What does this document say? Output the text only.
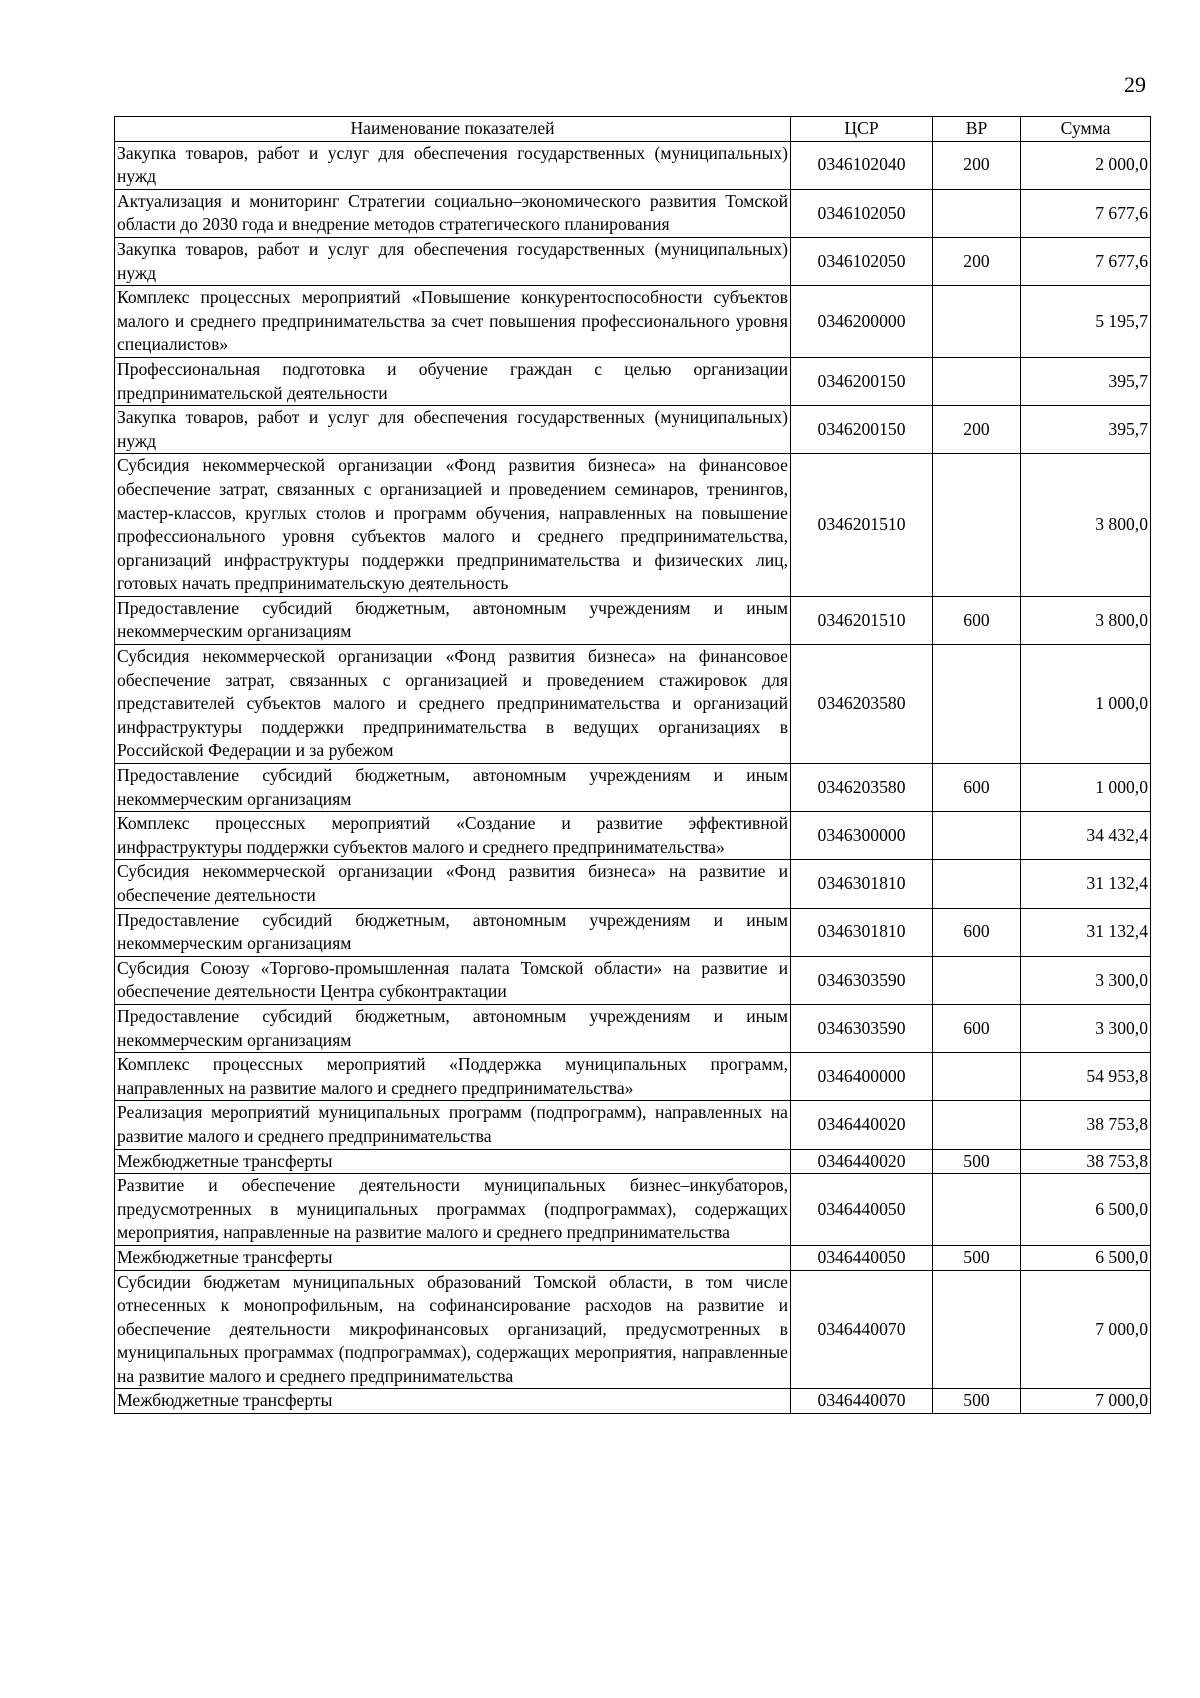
29
Наименование показателей	ЦСР	ВР	Сумма
Закупка товаров, работ и услуг для обеспечения государственных (муниципальных) нужд	0346102040	200	2 000,0
Актуализация и мониторинг Стратегии социально–экономического развития Томской области до 2030 года и внедрение методов стратегического планирования	0346102050		7 677,6
Закупка товаров, работ и услуг для обеспечения государственных (муниципальных) нужд	0346102050	200	7 677,6
Комплекс процессных мероприятий «Повышение конкурентоспособности субъектов малого и среднего предпринимательства за счет повышения профессионального уровня специалистов»	0346200000		5 195,7
Профессиональная подготовка и обучение граждан с целью организации предпринимательской деятельности	0346200150		395,7
Закупка товаров, работ и услуг для обеспечения государственных (муниципальных) нужд	0346200150	200	395,7
Субсидия некоммерческой организации «Фонд развития бизнеса» на финансовое обеспечение затрат, связанных с организацией и проведением семинаров, тренингов, мастер-классов, круглых столов и программ обучения, направленных на повышение профессионального уровня субъектов малого и среднего предпринимательства, организаций инфраструктуры поддержки предпринимательства и физических лиц, готовых начать предпринимательскую деятельность	0346201510		3 800,0
Предоставление субсидий бюджетным, автономным учреждениям и иным некоммерческим организациям	0346201510	600	3 800,0
Субсидия некоммерческой организации «Фонд развития бизнеса» на финансовое обеспечение затрат, связанных с организацией и проведением стажировок для представителей субъектов малого и среднего предпринимательства и организаций инфраструктуры поддержки предпринимательства в ведущих организациях в Российской Федерации и за рубежом	0346203580		1 000,0
Предоставление субсидий бюджетным, автономным учреждениям и иным некоммерческим организациям	0346203580	600	1 000,0
Комплекс процессных мероприятий «Создание и развитие эффективной инфраструктуры поддержки субъектов малого и среднего предпринимательства»	0346300000		34 432,4
Субсидия некоммерческой организации «Фонд развития бизнеса» на развитие и обеспечение деятельности	0346301810		31 132,4
Предоставление субсидий бюджетным, автономным учреждениям и иным некоммерческим организациям	0346301810	600	31 132,4
Субсидия Союзу «Торгово-промышленная палата Томской области» на развитие и обеспечение деятельности Центра субконтрактации	0346303590		3 300,0
Предоставление субсидий бюджетным, автономным учреждениям и иным некоммерческим организациям	0346303590	600	3 300,0
Комплекс процессных мероприятий «Поддержка муниципальных программ, направленных на развитие малого и среднего предпринимательства»	0346400000		54 953,8
Реализация мероприятий муниципальных программ (подпрограмм), направленных на развитие малого и среднего предпринимательства	0346440020		38 753,8
Межбюджетные трансферты	0346440020	500	38 753,8
Развитие и обеспечение деятельности муниципальных бизнес–инкубаторов, предусмотренных в муниципальных программах (подпрограммах), содержащих мероприятия, направленные на развитие малого и среднего предпринимательства	0346440050		6 500,0
Межбюджетные трансферты	0346440050	500	6 500,0
Субсидии бюджетам муниципальных образований Томской области, в том числе отнесенных к монопрофильным, на софинансирование расходов на развитие и обеспечение деятельности микрофинансовых организаций, предусмотренных в муниципальных программах (подпрограммах), содержащих мероприятия, направленные на развитие малого и среднего предпринимательства	0346440070		7 000,0
Межбюджетные трансферты	0346440070	500	7 000,0
